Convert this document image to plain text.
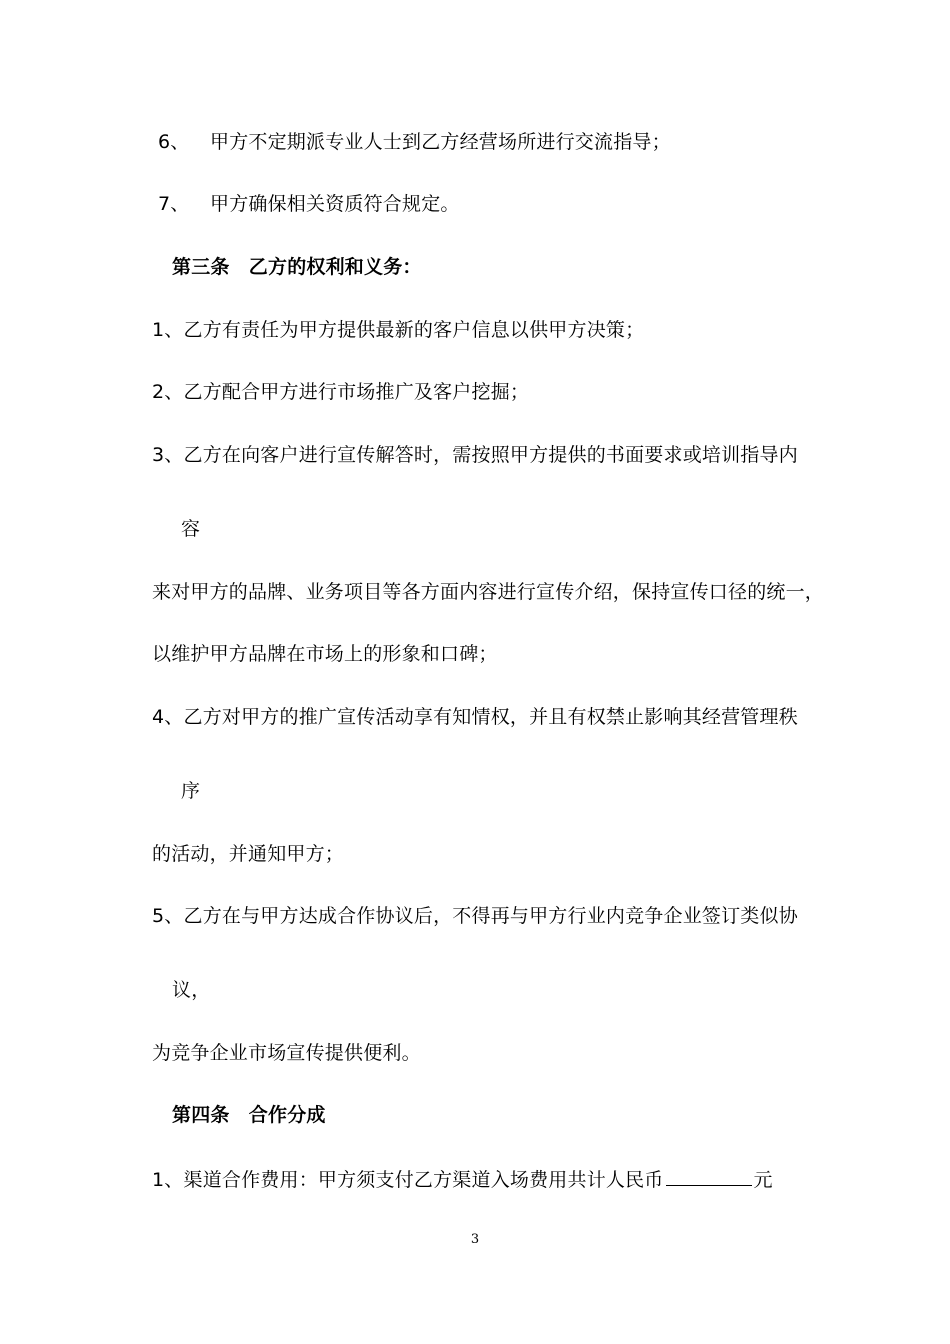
6、 甲方不定期派专业人士到乙方经营场所进行交流指导；
7、 甲方确保相关资质符合规定。
第三条　乙方的权利和义务：
1、乙方有责任为甲方提供最新的客户信息以供甲方决策；
2、乙方配合甲方进行市场推广及客户挖掘；
3、乙方在向客户进行宣传解答时，需按照甲方提供的书面要求或培训指导内
容
来对甲方的品牌、业务项目等各方面内容进行宣传介绍，保持宣传口径的统一，
以维护甲方品牌在市场上的形象和口碑；
4、乙方对甲方的推广宣传活动享有知情权，并且有权禁止影响其经营管理秩
序
的活动，并通知甲方；
5、乙方在与甲方达成合作协议后，不得再与甲方行业内竞争企业签订类似协
议，
为竞争企业市场宣传提供便利。
第四条　合作分成
1、渠道合作费用：甲方须支付乙方渠道入场费用共计人民币	元
3
